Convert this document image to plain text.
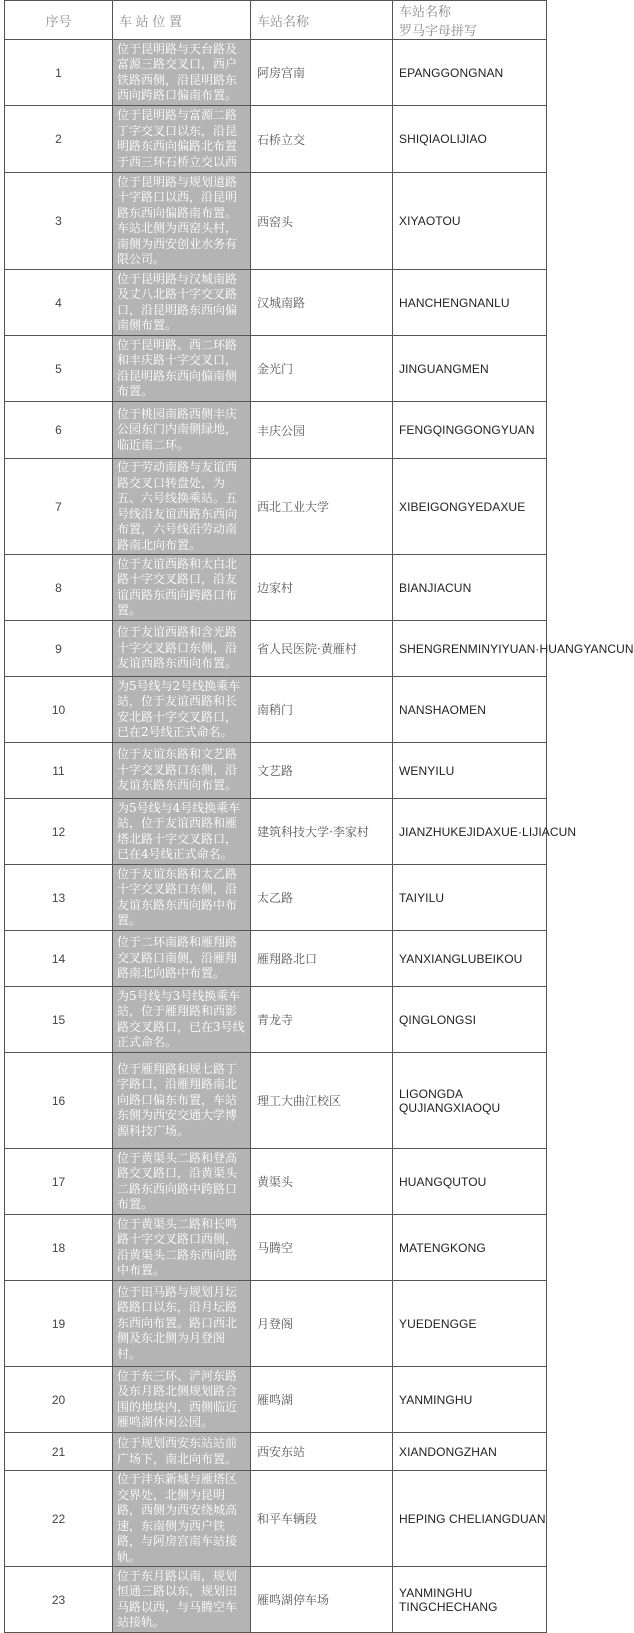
序号	车 站 位 置	车站名称	车站名称
罗马字母拼写

1	位于昆明路与天台路及富源三路交叉口，西户铁路西侧，沿昆明路东西向跨路口偏南布置。	阿房宫南	EPANGGONGNAN
2	位于昆明路与富源二路丁字交叉口以东，沿昆明路东西向偏路北布置于西三环石桥立交以西	石桥立交	SHIQIAOLIJIAO
3	位于昆明路与规划道路十字路口以西，沿昆明路东西向偏路南布置。车站北侧为西窑头村，南侧为西安创业水务有限公司。	西窑头	XIYAOTOU
4	位于昆明路与汉城南路及丈八北路十字交叉路口，沿昆明路东西向偏南侧布置。	汉城南路	HANCHENGNANLU
5	位于昆明路、西二环路和丰庆路十字交叉口，沿昆明路东西向偏南侧布置。	金光门	JINGUANGMEN
6	位于桃园南路西侧丰庆公园东门内南侧绿地，临近南二环。	丰庆公园	FENGQINGGONGYUAN
7	位于劳动南路与友谊西路交叉口转盘处，为五、六号线换乘站。五号线沿友谊西路东西向布置，六号线沿劳动南路南北向布置。	西北工业大学	XIBEIGONGYEDAXUE
8	位于友谊西路和太白北路十字交叉路口，沿友谊西路东西向跨路口布置。	边家村	BIANJIACUN
9	位于友谊西路和含光路十字交叉路口东侧，沿友谊西路东西向布置。	省人民医院·黄雁村	SHENGRENMINYIYUAN·HUANGYANCUN
10	为5号线与2号线换乘车站，位于友谊西路和长安北路十字交叉路口，已在2号线正式命名。	南稍门	NANSHAOMEN
11	位于友谊东路和文艺路十字交叉路口东侧，沿友谊东路东西向布置。	文艺路	WENYILU
12	为5号线与4号线换乘车站，位于友谊西路和雁塔北路十字交叉路口，已在4号线正式命名。	建筑科技大学·李家村	JIANZHUKEJIDAXUE·LIJIACUN
13	位于友谊东路和太乙路十字交叉路口东侧，沿友谊东路东西向路中布置。	太乙路	TAIYILU
14	位于二环南路和雁翔路交叉路口南侧，沿雁翔路南北向路中布置。	雁翔路北口	YANXIANGLUBEIKOU
15	为5号线与3号线换乘车站，位于雁翔路和西影路交叉路口，已在3号线正式命名。	青龙寺	QINGLONGSI
16	位于雁翔路和规七路丁字路口，沿雁翔路南北向路口偏东布置，车站东侧为西安交通大学博源科技广场。	理工大曲江校区	LIGONGDA QUJIANGXIAOQU
17	位于黄渠头二路和登高路交叉路口，沿黄渠头二路东西向路中跨路口布置。	黄渠头	HUANGQUTOU
18	位于黄渠头二路和长鸣路十字交叉路口西侧，沿黄渠头二路东西向路中布置。	马腾空	MATENGKONG
19	位于田马路与规划月坛路路口以东，沿月坛路东西向布置。路口西北侧及东北侧为月登阁村。	月登阁	YUEDENGGE
20	位于东三环、浐河东路及东月路北侧规划路合围的地块内，西侧临近雁鸣湖休闲公园。	雁鸣湖	YANMINGHU
21	位于规划西安东站站前广场下，南北向布置。	西安东站	XIANDONGZHAN
22	位于沣东新城与雁塔区交界处，北侧为昆明路，西侧为西安绕城高速，东南侧为西户铁路，与阿房宫南车站接轨。	和平车辆段	HEPING CHELIANGDUAN
23	位于东月路以南，规划恒通三路以东，规划田马路以西，与马腾空车站接轨。	雁鸣湖停车场	YANMINGHU TINGCHECHANG
